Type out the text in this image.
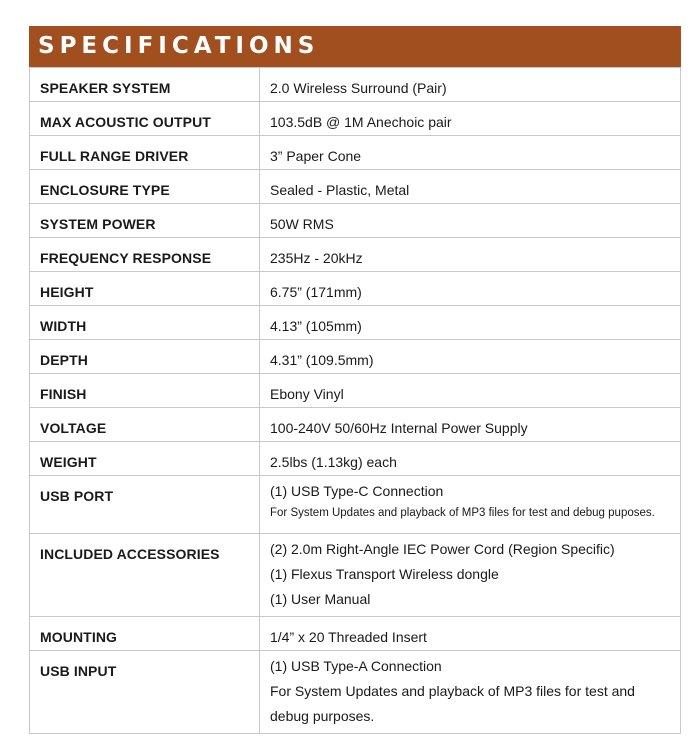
SPECIFICATIONS
SPEAKER SYSTEM	2.0 Wireless Surround (Pair)
MAX ACOUSTIC OUTPUT	103.5dB @ 1M Anechoic pair
FULL RANGE DRIVER	3” Paper Cone
ENCLOSURE TYPE	Sealed - Plastic, Metal
SYSTEM POWER	50W RMS
FREQUENCY RESPONSE	235Hz - 20kHz
HEIGHT	6.75” (171mm)
WIDTH	4.13” (105mm)
DEPTH	4.31” (109.5mm)
FINISH	Ebony Vinyl
VOLTAGE	100-240V 50/60Hz Internal Power Supply
WEIGHT	2.5lbs (1.13kg) each
USB PORT	(1) USB Type-C Connection
For System Updates and playback of MP3 files for test and debug puposes.

INCLUDED ACCESSORIES	(2) 2.0m Right-Angle IEC Power Cord (Region Specific)
(1) Flexus Transport Wireless dongle
(1) User Manual

MOUNTING	1/4” x 20 Threaded Insert
USB INPUT	(1) USB Type-A Connection
For System Updates and playback of MP3 files for test and
debug purposes.
